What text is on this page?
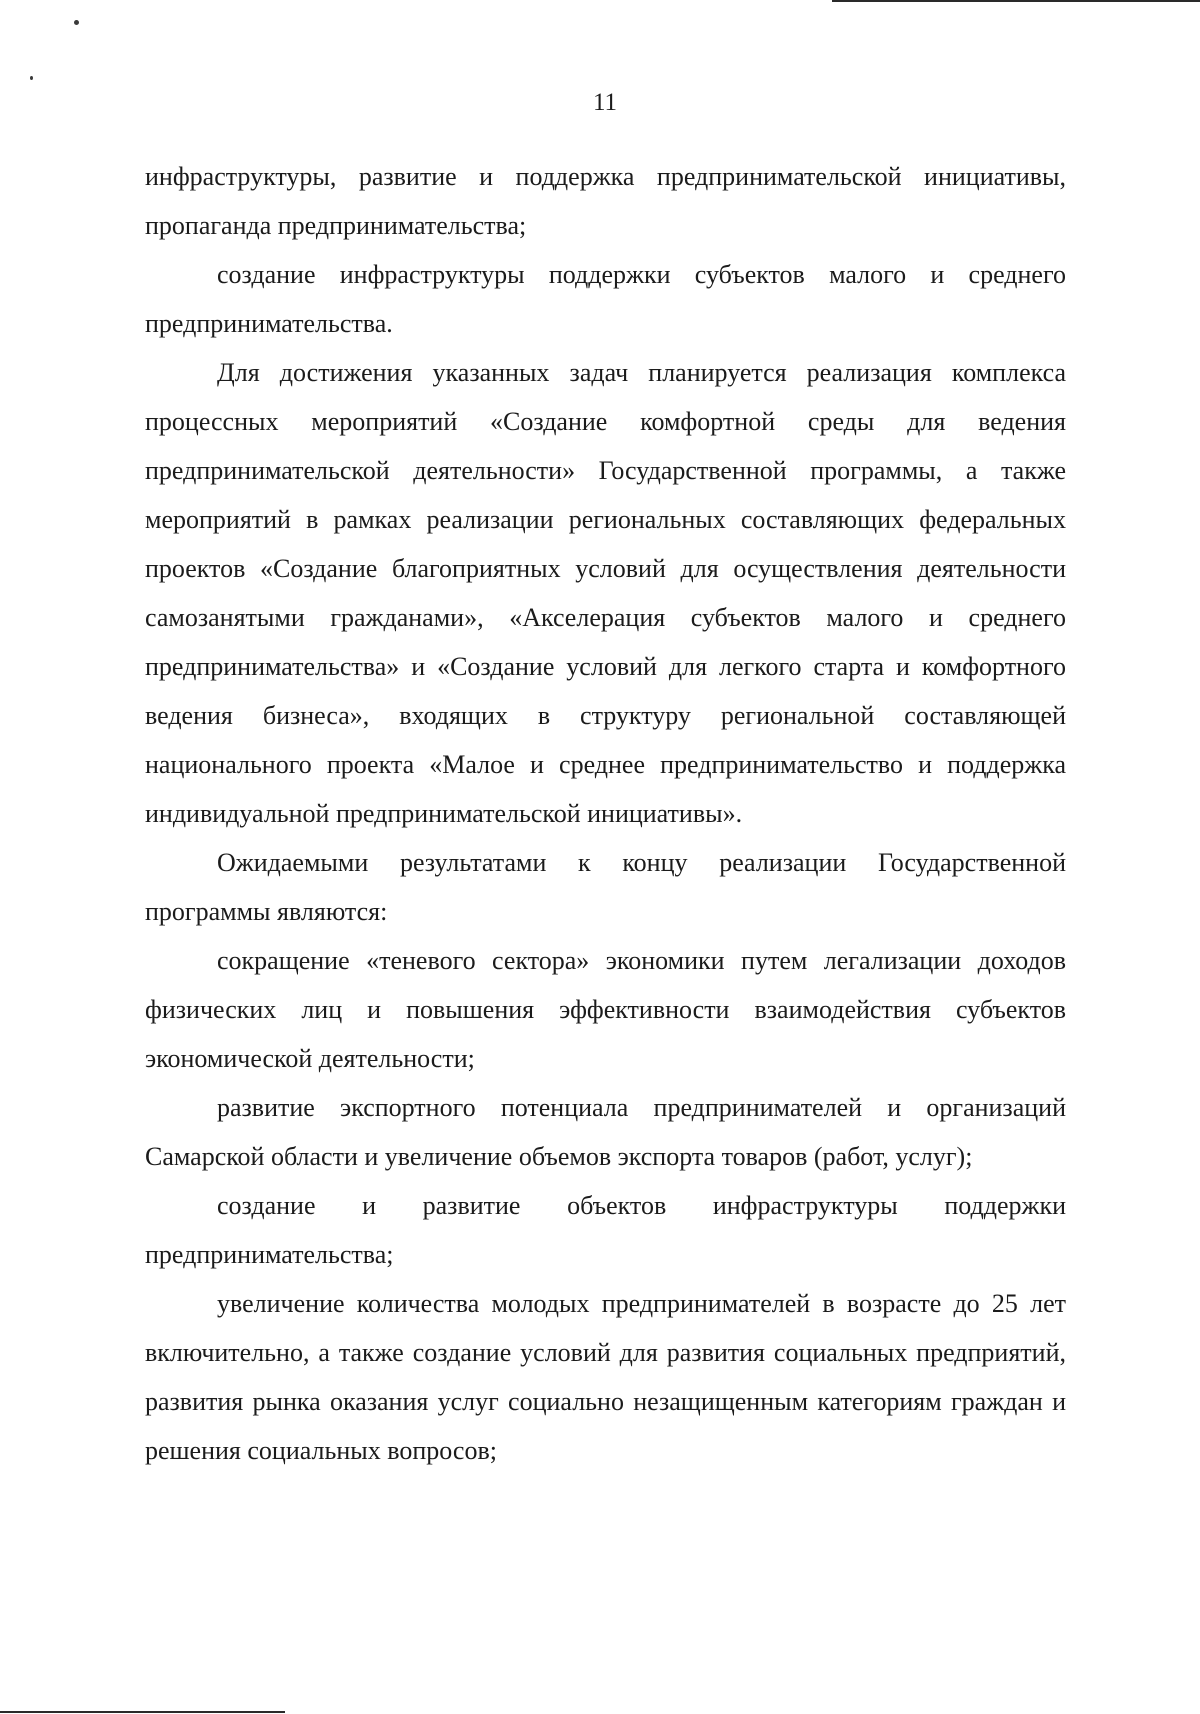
11

инфраструктуры, развитие и поддержка предпринимательской инициативы, пропаганда предпринимательства;

создание инфраструктуры поддержки субъектов малого и среднего предпринимательства.

Для достижения указанных задач планируется реализация комплекса процессных мероприятий «Создание комфортной среды для ведения предпринимательской деятельности» Государственной программы, а также мероприятий в рамках реализации региональных составляющих федеральных проектов «Создание благоприятных условий для осуществления деятельности самозанятыми гражданами», «Акселерация субъектов малого и среднего предпринимательства» и «Создание условий для легкого старта и комфортного ведения бизнеса», входящих в структуру региональной составляющей национального проекта «Малое и среднее предпринимательство и поддержка индивидуальной предпринимательской инициативы».

Ожидаемыми результатами к концу реализации Государственной программы являются:

сокращение «теневого сектора» экономики путем легализации доходов физических лиц и повышения эффективности взаимодействия субъектов экономической деятельности;

развитие экспортного потенциала предпринимателей и организаций Самарской области и увеличение объемов экспорта товаров (работ, услуг);

создание и развитие объектов инфраструктуры поддержки предпринимательства;

увеличение количества молодых предпринимателей в возрасте до 25 лет включительно, а также создание условий для развития социальных предприятий, развития рынка оказания услуг социально незащищенным категориям граждан и решения социальных вопросов;
